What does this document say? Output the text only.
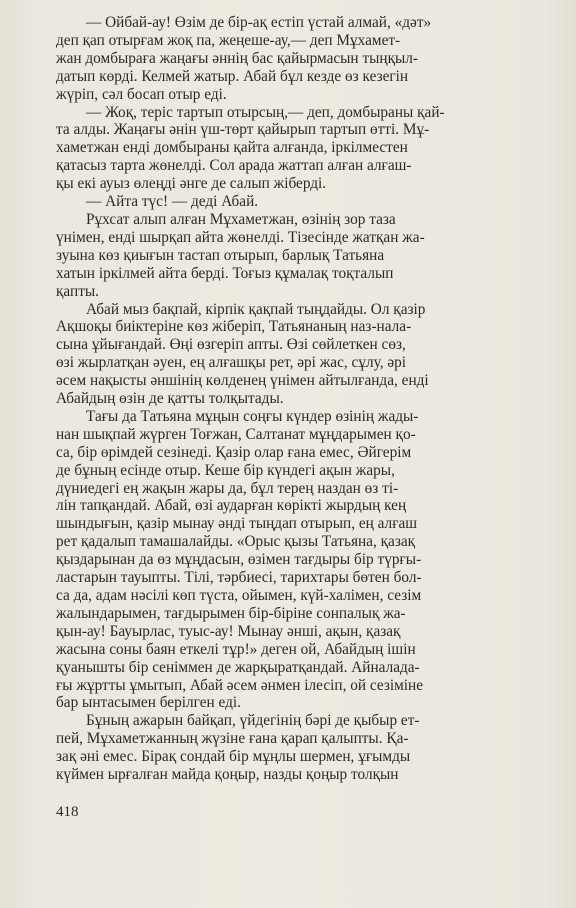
— Ойбай-ау! Өзім де бір-ақ естіп үстай алмай, «дәт»
деп қап отырғам жоқ па, жеңеше-ау,— деп Мұхамет-
жан домбыраға жаңағы әннің бас қайырмасын тыңқыл-
датып көрді. Келмей жатыр. Абай бұл кезде өз кезегін
жүріп, сәл босап отыр еді.

— Жоқ, теріс тартып отырсың,— деп, домбыраны қай-
та алды. Жаңағы әнін үш-төрт қайырып тартып өтті. Мұ-
хаметжан енді домбыраны қайта алғанда, іркілместен
қатасыз тарта жөнелді. Сол арада жаттап алған алғаш-
қы екі ауыз өлеңді әнге де салып жіберді.

— Айта түс! — деді Абай.

Рұхсат алып алған Мұхаметжан, өзінің зор таза
үнімен, енді шырқап айта жөнелді. Тізесінде жатқан жа-
зуына көз қиығын тастап отырып, барлық Татьяна
хатын іркілмей айта берді. Тоғыз құмалақ тоқталып
қапты.

Абай мыз бақпай, кірпік қақпай тыңдайды. Ол қазір
Ақшоқы биіктеріне көз жіберіп, Татьянаның наз-нала-
сына ұйығандай. Өңі өзгеріп апты. Өзі сөйлеткен сөз,
өзі жырлатқан әуен, ең алғашқы рет, әрі жас, сұлу, әрі
әсем нақысты әншінің көлденең үнімен айтылғанда, енді
Абайдың өзін де қатты толқытады.

Тағы да Татьяна мұңын соңғы күндер өзінің жады-
нан шықпай жүрген Тоғжан, Салтанат мұңдарымен қо-
са, бір өрімдей сезінеді. Қазір олар ғана емес, Әйгерім
де бұның есінде отыр. Кеше бір күндегі ақын жары,
дүниедегі ең жақын жары да, бұл терең наздан өз ті-
лін тапқандай. Абай, өзі аударған көрікті жырдың кең
шындығын, қазір мынау әнді тыңдап отырып, ең алғаш
рет қадалып тамашалайды. «Орыс қызы Татьяна, қазақ
қыздарынан да өз мұңдасын, өзімен тағдыры бір түрғы-
ластарын тауыпты. Тілі, тәрбиесі, тарихтары бөтен бол-
са да, адам нәсілі көп түста, ойымен, күй-халімен, сезім
жалындарымен, тағдырымен бір-біріне сонпалық жа-
қын-ау! Бауырлас, туыс-ау! Мынау әнші, ақын, қазақ
жасына соны баян еткелі тұр!» деген ой, Абайдың ішін
қуанышты бір сеніммен де жарқыратқандай. Айналада-
ғы жұртты ұмытып, Абай әсем әнмен ілесіп, ой сезіміне
бар ынтасымен берілген еді.

Бұның ажарын байқап, үйдегінің бәрі де қыбыр ет-
пей, Мұхаметжанның жүзіне ғана қарап қалыпты. Қа-
зақ әні емес. Бірақ сондай бір мұңлы шермен, ұғымды
күймен ырғалған майда қоңыр, назды қоңыр толқын

418
